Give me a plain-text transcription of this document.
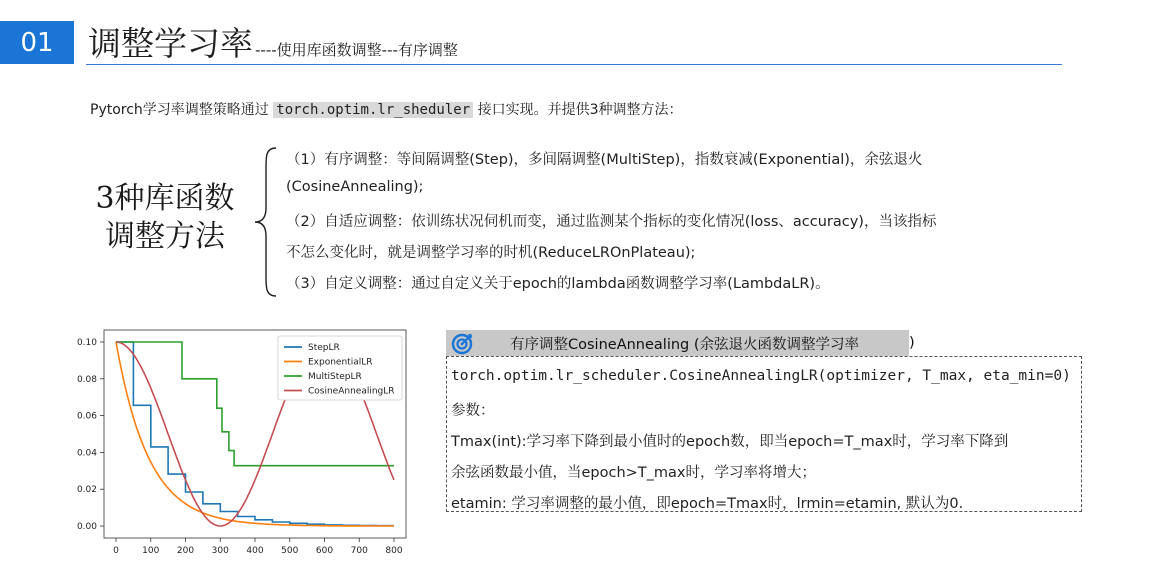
01	调整学习率 ----使用库函数调整---有序调整
Pytorch学习率调整策略通过 torch.optim.lr_sheduler 接口实现。并提供3种调整方法：
3种库函数
调整方法
（1）有序调整：等间隔调整(Step)，多间隔调整(MultiStep)，指数衰减(Exponential)，余弦退火
(CosineAnnealing);
（2）自适应调整：依训练状况伺机而变，通过监测某个指标的变化情况(loss、accuracy)，当该指标
不怎么变化时，就是调整学习率的时机(ReduceLROnPlateau);
（3）自定义调整：通过自定义关于epoch的lambda函数调整学习率(LambdaLR)。
0	100 200 300 400 500 600 700 800
0.00
0.02
0.04
0.06
0.08
0.10
StepLR
ExponentialLR
MultiStepLR
CosineAnnealingLR
有序调整CosineAnnealing (余弦退火函数调整学习率	)
torch.optim.lr_scheduler.CosineAnnealingLR(optimizer, T_max, eta_min=0)
参数：
Tmax(int):学习率下降到最小值时的epoch数，即当epoch=T_max时，学习率下降到
余弦函数最小值，当epoch>T_max时，学习率将增大；
etamin: 学习率调整的最小值，即epoch=Tmax时，lrmin=etamin, 默认为0.
